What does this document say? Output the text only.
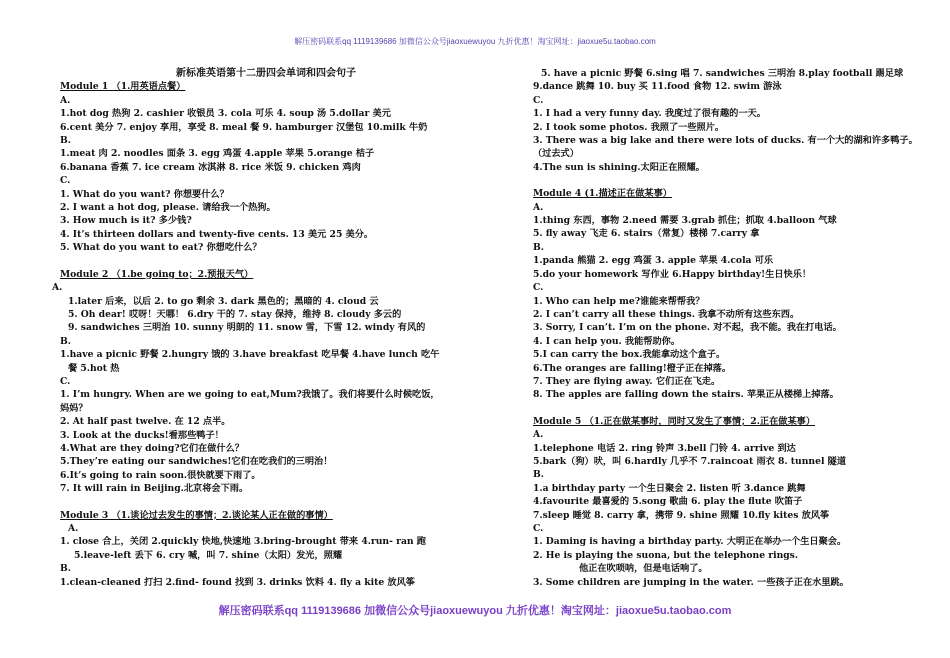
解压密码联系qq 1119139686 加微信公众号jiaoxuewuyou 九折优惠！淘宝网址：jiaoxue5u.taobao.com
新标准英语第十二册四会单词和四会句子
Module 1 （1.用英语点餐）
A.
1.hot dog 热狗 2. cashier 收银员 3. cola 可乐 4. soup 汤 5.dollar 美元
6.cent 美分 7. enjoy 享用，享受 8. meal 餐 9. hamburger 汉堡包 10.milk 牛奶
B.
1.meat 肉 2. noodles 面条 3. egg 鸡蛋 4.apple 苹果 5.orange 桔子
6.banana 香蕉 7. ice cream 冰淇淋 8. rice 米饭 9. chicken 鸡肉
C.
1. What do you want? 你想要什么？
2. I want a hot dog, please. 请给我一个热狗。
3. How much is it? 多少钱?
4. It’s thirteen dollars and twenty-five cents. 13 美元 25 美分。
5. What do you want to eat? 你想吃什么？
Module 2 （1.be going to；2.预报天气）
A.
1.later 后来，以后 2. to go 剩余 3. dark 黑色的；黑暗的 4. cloud 云
5. Oh dear! 哎呀！天哪！ 6.dry 干的 7. stay 保持，维持 8. cloudy 多云的
9. sandwiches 三明治 10. sunny 明朗的 11. snow 雪，下雪 12. windy 有风的
B.
1.have a picnic 野餐 2.hungry 饿的 3.have breakfast 吃早餐 4.have lunch 吃午
餐 5.hot 热
C.
1. I’m hungry. When are we going to eat,Mum?我饿了。我们将要什么时候吃饭，
妈妈？
2. At half past twelve. 在 12 点半。
3. Look at the ducks!看那些鸭子！
4.What are they doing?它们在做什么？
5.They’re eating our sandwiches!它们在吃我们的三明治！
6.It’s going to rain soon.很快就要下雨了。
7. It will rain in Beijing.北京将会下雨。
Module 3 （1.谈论过去发生的事情；2.谈论某人正在做的事情）
A.
1. close 合上，关闭 2.quickly 快地,快速地 3.bring-brought 带来 4.run- ran 跑
5.leave-left 丢下 6. cry 喊，叫 7. shine（太阳）发光，照耀
B.
1.clean-cleaned 打扫 2.find- found 找到 3. drinks 饮料 4. fly a kite 放风筝
5. have a picnic 野餐 6.sing 唱 7. sandwiches 三明治 8.play football 踢足球
9.dance 跳舞 10. buy 买 11.food 食物 12. swim 游泳
C.
1. I had a very funny day. 我度过了很有趣的一天。
2. I took some photos. 我照了一些照片。
3. There was a big lake and there were lots of ducks. 有一个大的湖和许多鸭子。
（过去式）
4.The sun is shining.太阳正在照耀。
Module 4 (1.描述正在做某事）
A.
1.thing 东西，事物 2.need 需要 3.grab 抓住；抓取 4.balloon 气球
5. fly away 飞走 6. stairs（常复）楼梯 7.carry 拿
B.
1.panda 熊猫 2. egg 鸡蛋 3. apple 苹果 4.cola 可乐
5.do your homework 写作业 6.Happy birthday!生日快乐！
C.
1. Who can help me?谁能来帮帮我？
2. I can’t carry all these things. 我拿不动所有这些东西。
3. Sorry, I can’t. I’m on the phone. 对不起，我不能。我在打电话。
4. I can help you. 我能帮助你。
5.I can carry the box.我能拿动这个盒子。
6.The oranges are falling!橙子正在掉落。
7. They are flying away. 它们正在飞走。
8. The apples are falling down the stairs. 苹果正从楼梯上掉落。
Module 5 （1.正在做某事时，同时又发生了事情；2.正在做某事）
A.
1.telephone 电话 2. ring 铃声 3.bell 门铃 4. arrive 到达
5.bark（狗）吠，叫 6.hardly 几乎不 7.raincoat 雨衣 8. tunnel 隧道
B.
1.a birthday party 一个生日聚会 2. listen 听 3.dance 跳舞
4.favourite 最喜爱的 5.song 歌曲 6. play the flute 吹笛子
7.sleep 睡觉 8. carry 拿，携带 9. shine 照耀 10.fly kites 放风筝
C.
1. Daming is having a birthday party. 大明正在举办一个生日聚会。
2. He is playing the suona, but the telephone rings.
他正在吹唢呐，但是电话响了。
3. Some children are jumping in the water. 一些孩子正在水里跳。
解压密码联系qq 1119139686 加微信公众号jiaoxuewuyou 九折优惠！淘宝网址：jiaoxue5u.taobao.com
